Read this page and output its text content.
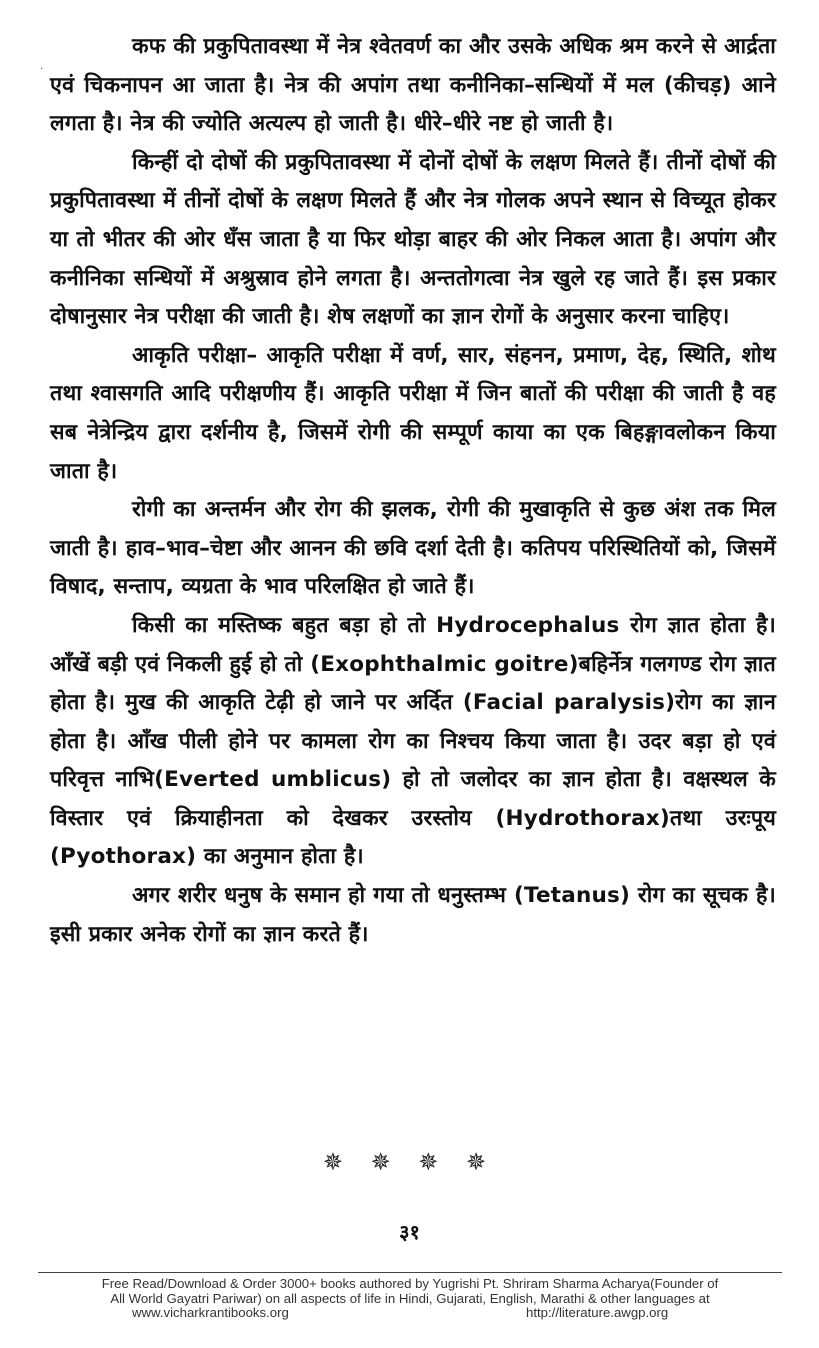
·

कफ की प्रकुपितावस्था में नेत्र श्वेतवर्ण का और उसके अधिक श्रम करने से आर्द्रता एवं चिकनापन आ जाता है। नेत्र की अपांग तथा कनीनिका–सन्धियों में मल (कीचड़) आने लगता है। नेत्र की ज्योति अत्यल्प हो जाती है। धीरे–धीरे नष्ट हो जाती है।

किन्हीं दो दोषों की प्रकुपितावस्था में दोनों दोषों के लक्षण मिलते हैं। तीनों दोषों की प्रकुपितावस्था में तीनों दोषों के लक्षण मिलते हैं और नेत्र गोलक अपने स्थान से विच्यूत होकर या तो भीतर की ओर धँस जाता है या फिर थोड़ा बाहर की ओर निकल आता है। अपांग और कनीनिका सन्धियों में अश्रुस्राव होने लगता है। अन्ततोगत्वा नेत्र खुले रह जाते हैं। इस प्रकार दोषानुसार नेत्र परीक्षा की जाती है। शेष लक्षणों का ज्ञान रोगों के अनुसार करना चाहिए।

आकृति परीक्षा– आकृति परीक्षा में वर्ण, सार, संहनन, प्रमाण, देह, स्थिति, शोथ तथा श्वासगति आदि परीक्षणीय हैं। आकृति परीक्षा में जिन बातों की परीक्षा की जाती है वह सब नेत्रेन्द्रिय द्वारा दर्शनीय है, जिसमें रोगी की सम्पूर्ण काया का एक बिहङ्गावलोकन किया जाता है।

रोगी का अन्तर्मन और रोग की झलक, रोगी की मुखाकृति से कुछ अंश तक मिल जाती है। हाव–भाव–चेष्टा और आनन की छवि दर्शा देती है। कतिपय परिस्थितियों को, जिसमें विषाद, सन्ताप, व्यग्रता के भाव परिलक्षित हो जाते हैं।

किसी का मस्तिष्क बहुत बड़ा हो तो Hydrocephalus रोग ज्ञात होता है। आँखें बड़ी एवं निकली हुई हो तो (Exophthalmic goitre)बहिर्नेत्र गलगण्ड रोग ज्ञात होता है। मुख की आकृति टेढ़ी हो जाने पर अर्दित (Facial paralysis)रोग का ज्ञान होता है। आँख पीली होने पर कामला रोग का निश्चय किया जाता है। उदर बड़ा हो एवं परिवृत्त नाभि(Everted umblicus) हो तो जलोदर का ज्ञान होता है। वक्षस्थल के विस्तार एवं क्रियाहीनता को देखकर उरस्तोय (Hydrothorax)तथा उरःपूय (Pyothorax) का अनुमान होता है।

अगर शरीर धनुष के समान हो गया तो धनुस्तम्भ (Tetanus) रोग का सूचक है। इसी प्रकार अनेक रोगों का ज्ञान करते हैं।

✵ ✵ ✵ ✵
३१
Free Read/Download & Order 3000+ books authored by Yugrishi Pt. Shriram Sharma Acharya(Founder of
All World Gayatri Pariwar) on all aspects of life in Hindi, Gujarati, English, Marathi & other languages at
www.vicharkrantibooks.org	http://literature.awgp.org
